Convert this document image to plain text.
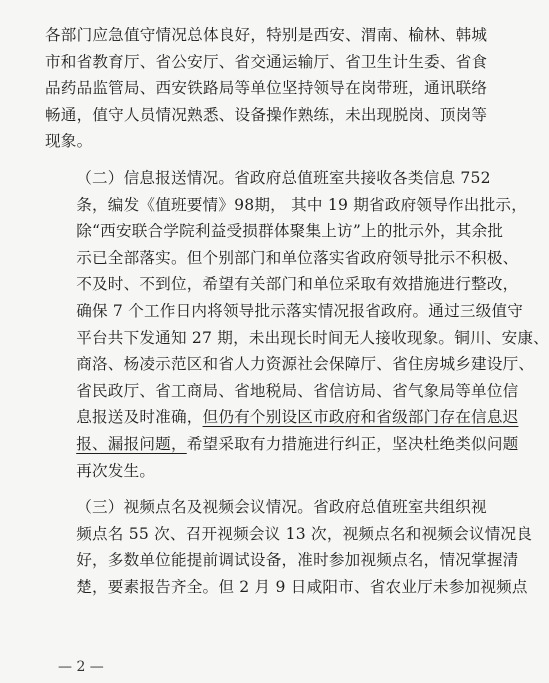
各部门应急值守情况总体良好，特别是西安、渭南、榆林、韩城
市和省教育厅、省公安厅、省交通运输厅、省卫生计生委、省食
品药品监管局、西安铁路局等单位坚持领导在岗带班，通讯联络
畅通，值守人员情况熟悉、设备操作熟练，未出现脱岗、顶岗等
现象。

（二）信息报送情况。省政府总值班室共接收各类信息 752
条，编发《值班要情》98期， 其中 19 期省政府领导作出批示，
除“西安联合学院利益受损群体聚集上访”上的批示外，其余批
示已全部落实。但个别部门和单位落实省政府领导批示不积极、
不及时、不到位，希望有关部门和单位采取有效措施进行整改，
确保 7 个工作日内将领导批示落实情况报省政府。通过三级值守
平台共下发通知 27 期，未出现长时间无人接收现象。铜川、安康、
商洛、杨凌示范区和省人力资源社会保障厅、省住房城乡建设厅、
省民政厅、省工商局、省地税局、省信访局、省气象局等单位信
息报送及时准确，但仍有个别设区市政府和省级部门存在信息迟
报、漏报问题，希望采取有力措施进行纠正，坚决杜绝类似问题
再次发生。

（三）视频点名及视频会议情况。省政府总值班室共组织视
频点名 55 次、召开视频会议 13 次，视频点名和视频会议情况良
好，多数单位能提前调试设备，准时参加视频点名，情况掌握清
楚，要素报告齐全。但 2 月 9 日咸阳市、省农业厅未参加视频点

— 2 —
